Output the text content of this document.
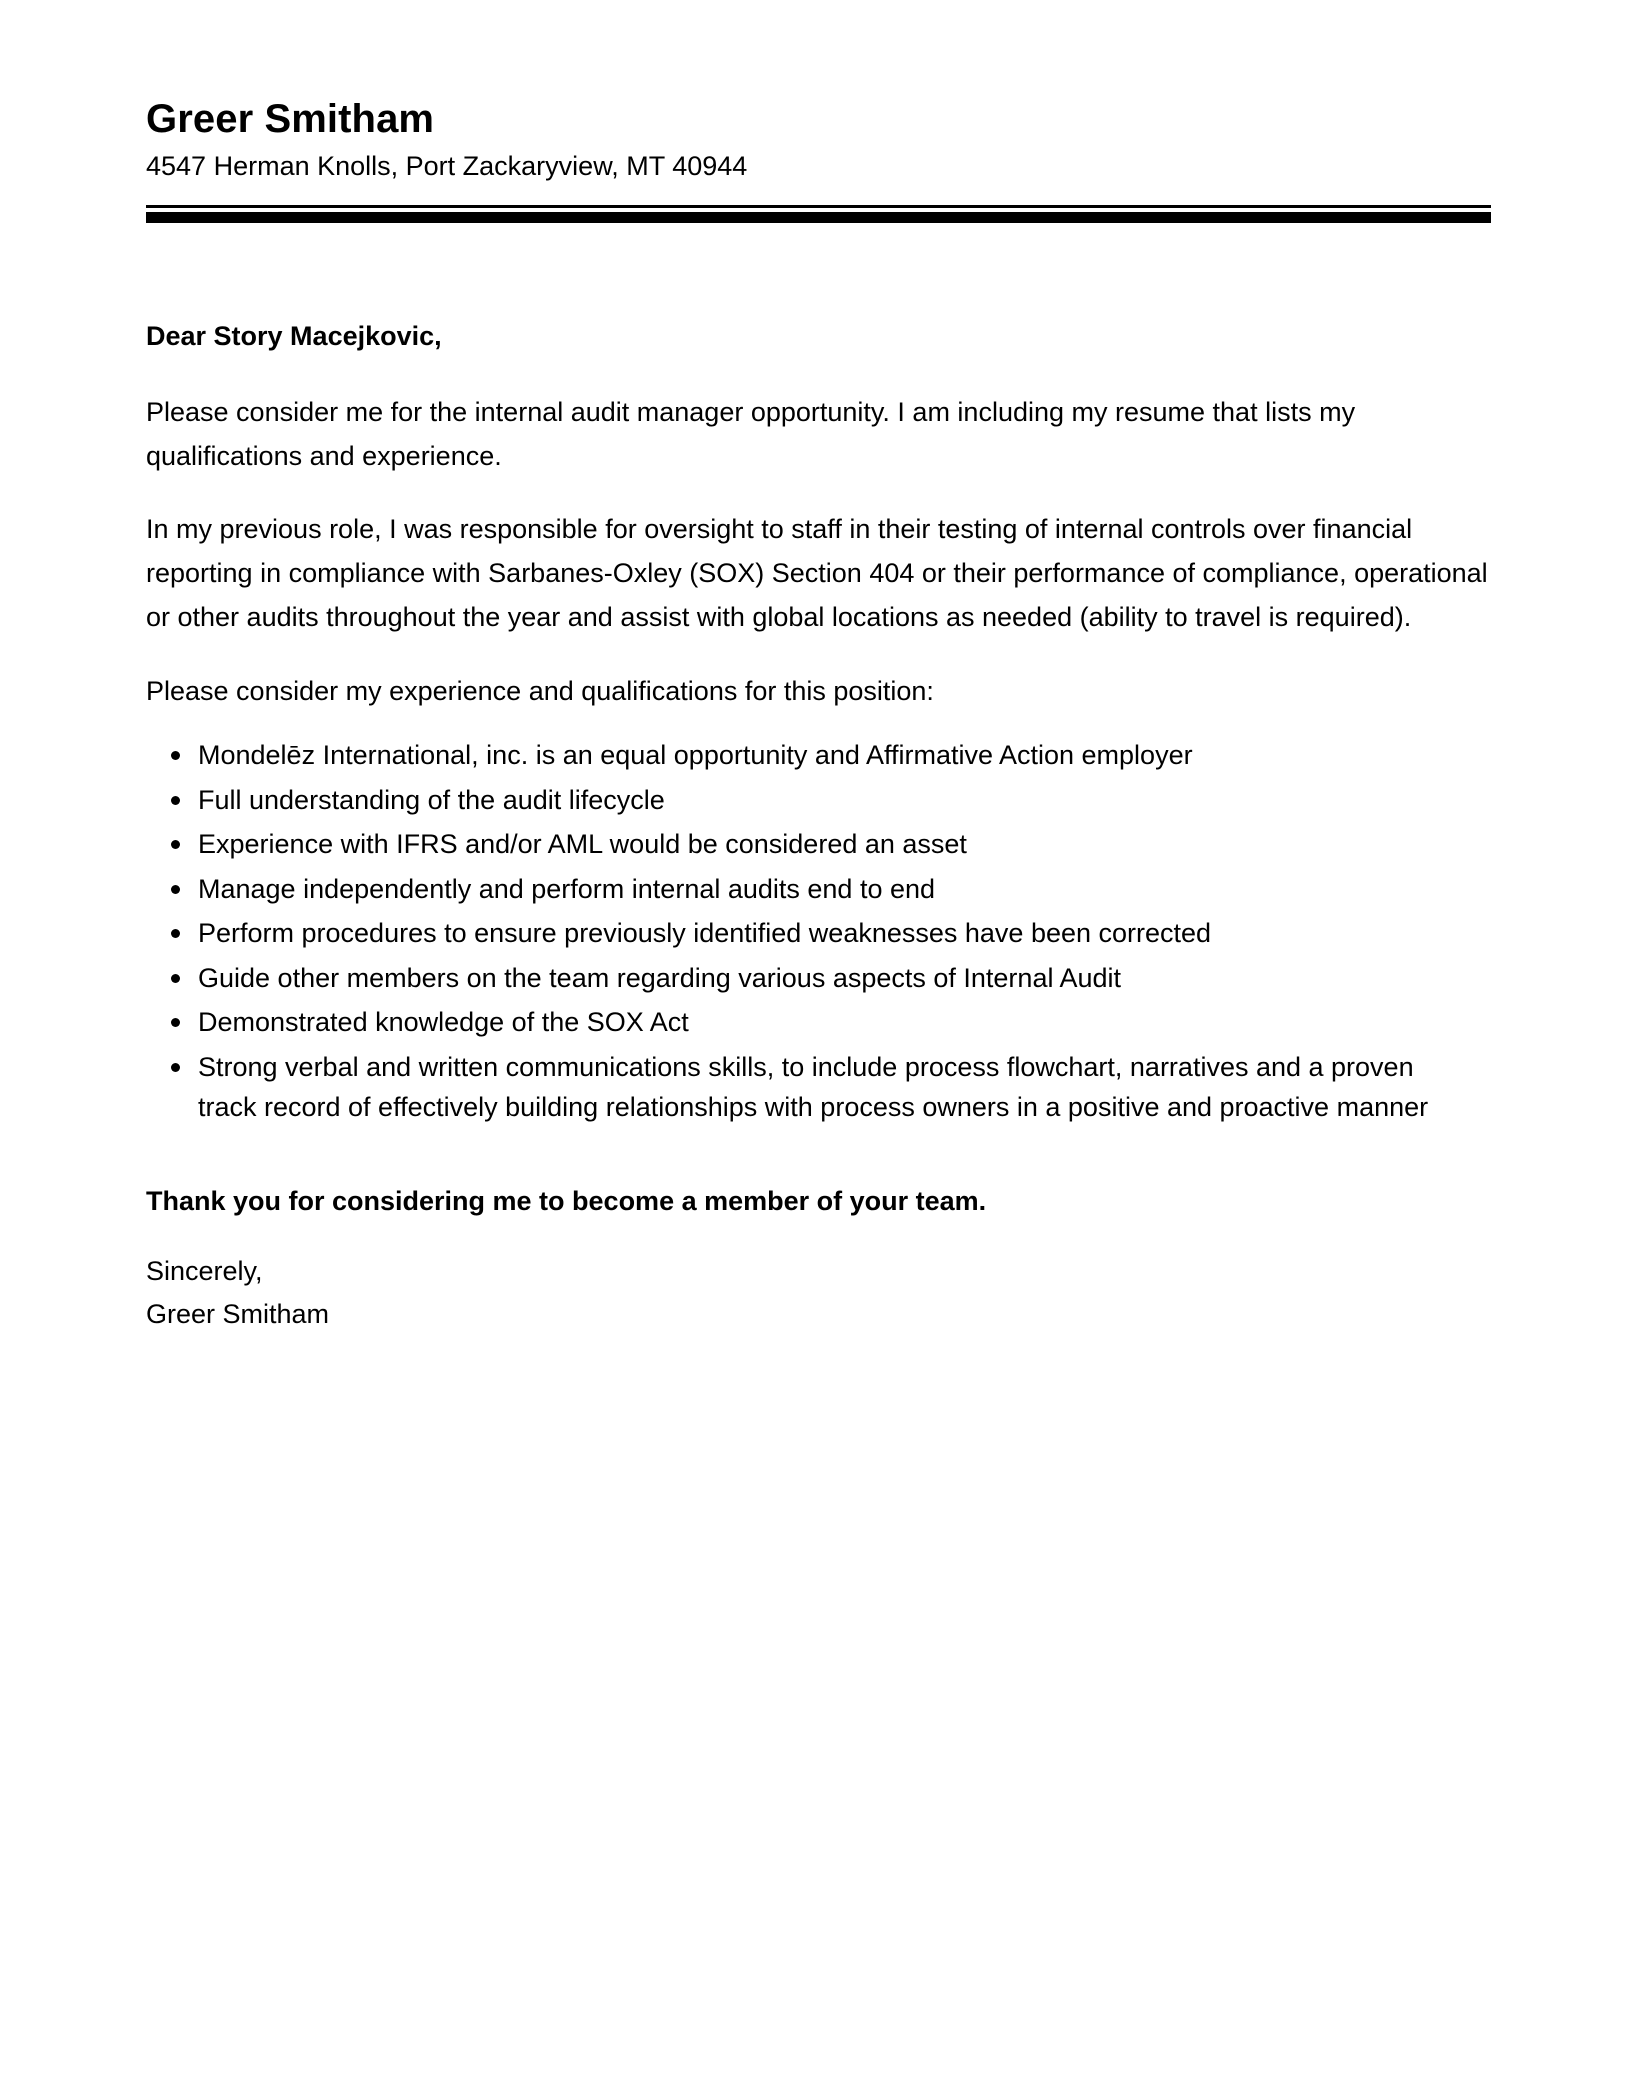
Greer Smitham
4547 Herman Knolls, Port Zackaryview, MT 40944

Dear Story Macejkovic,

Please consider me for the internal audit manager opportunity. I am including my resume that lists my qualifications and experience.

In my previous role, I was responsible for oversight to staff in their testing of internal controls over financial reporting in compliance with Sarbanes-Oxley (SOX) Section 404 or their performance of compliance, operational or other audits throughout the year and assist with global locations as needed (ability to travel is required).

Please consider my experience and qualifications for this position:

Mondelēz International, inc. is an equal opportunity and Affirmative Action employer
Full understanding of the audit lifecycle
Experience with IFRS and/or AML would be considered an asset
Manage independently and perform internal audits end to end
Perform procedures to ensure previously identified weaknesses have been corrected
Guide other members on the team regarding various aspects of Internal Audit
Demonstrated knowledge of the SOX Act
Strong verbal and written communications skills, to include process flowchart, narratives and a proven track record of effectively building relationships with process owners in a positive and proactive manner

Thank you for considering me to become a member of your team.

Sincerely,
Greer Smitham
